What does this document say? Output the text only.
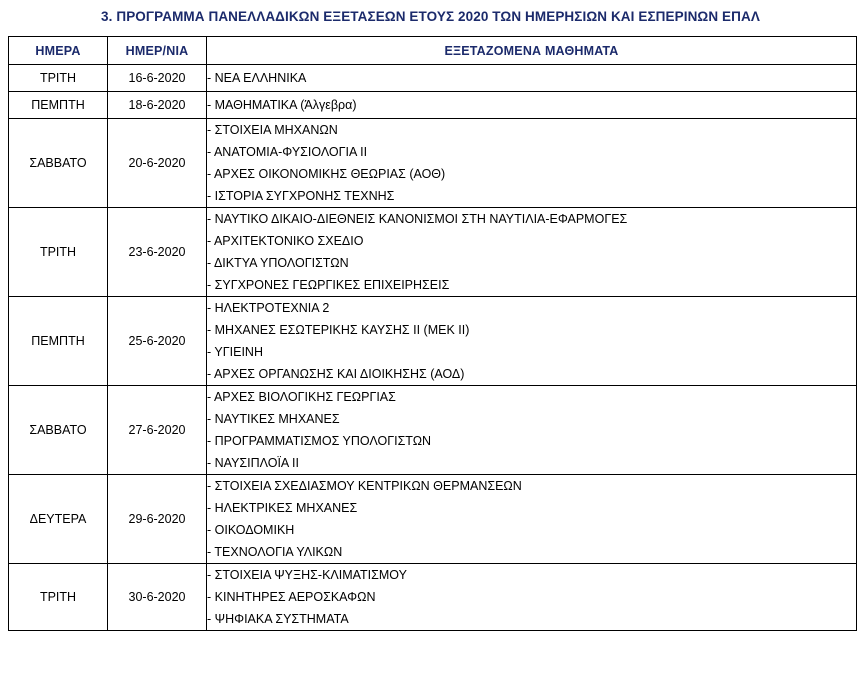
3. ΠΡΟΓΡΑΜΜΑ ΠΑΝΕΛΛΑΔΙΚΩΝ ΕΞΕΤΑΣΕΩΝ ΕΤΟΥΣ 2020 ΤΩΝ ΗΜΕΡΗΣΙΩΝ ΚΑΙ ΕΣΠΕΡΙΝΩΝ ΕΠΑΛ
ΗΜΕΡΑ	ΗΜΕΡ/ΝΙΑ	ΕΞΕΤΑΖΟΜΕΝΑ ΜΑΘΗΜΑΤΑ
ΤΡΙΤΗ	16-6-2020	
-ΝΕΑ ΕΛΛΗΝΙΚΑ

ΠΕΜΠΤΗ	18-6-2020	
-ΜΑΘΗΜΑΤΙΚΑ (Άλγεβρα)

ΣΑΒΒΑΤΟ	20-6-2020	
- ΣΤΟΙΧΕΙΑ ΜΗΧΑΝΩΝ
- ΑΝΑΤΟΜΙΑ-ΦΥΣΙΟΛΟΓΙΑ ΙΙ
- ΑΡΧΕΣ ΟΙΚΟΝΟΜΙΚΗΣ ΘΕΩΡΙΑΣ (ΑΟΘ)
- ΙΣΤΟΡΙΑ ΣΥΓΧΡΟΝΗΣ ΤΕΧΝΗΣ

ΤΡΙΤΗ	23-6-2020	
- ΝΑΥΤΙΚΟ ΔΙΚΑΙΟ-ΔΙΕΘΝΕΙΣ ΚΑΝΟΝΙΣΜΟΙ ΣΤΗ ΝΑΥΤΙΛΙΑ-ΕΦΑΡΜΟΓΕΣ
- ΑΡΧΙΤΕΚΤΟΝΙΚΟ ΣΧΕΔΙΟ
- ΔΙΚΤΥΑ ΥΠΟΛΟΓΙΣΤΩΝ
- ΣΥΓΧΡΟΝΕΣ ΓΕΩΡΓΙΚΕΣ ΕΠΙΧΕΙΡΗΣΕΙΣ

ΠΕΜΠΤΗ	25-6-2020	
- ΗΛΕΚΤΡΟΤΕΧΝΙΑ 2
- ΜΗΧΑΝΕΣ ΕΣΩΤΕΡΙΚΗΣ ΚΑΥΣΗΣ ΙΙ (ΜΕΚ ΙΙ)
- ΥΓΙΕΙΝΗ
- ΑΡΧΕΣ ΟΡΓΑΝΩΣΗΣ ΚΑΙ ΔΙΟΙΚΗΣΗΣ (ΑΟΔ)

ΣΑΒΒΑΤΟ	27-6-2020	
- ΑΡΧΕΣ ΒΙΟΛΟΓΙΚΗΣ ΓΕΩΡΓΙΑΣ
- ΝΑΥΤΙΚΕΣ ΜΗΧΑΝΕΣ
- ΠΡΟΓΡΑΜΜΑΤΙΣΜΟΣ ΥΠΟΛΟΓΙΣΤΩΝ
- ΝΑΥΣΙΠΛΟΪΑ ΙΙ

ΔΕΥΤΕΡΑ	29-6-2020	
- ΣΤΟΙΧΕΙΑ ΣΧΕΔΙΑΣΜΟΥ ΚΕΝΤΡΙΚΩΝ ΘΕΡΜΑΝΣΕΩΝ
- ΗΛΕΚΤΡΙΚΕΣ ΜΗΧΑΝΕΣ
- ΟΙΚΟΔΟΜΙΚΗ
- ΤΕΧΝΟΛΟΓΙΑ ΥΛΙΚΩΝ

ΤΡΙΤΗ	30-6-2020	
- ΣΤΟΙΧΕΙΑ ΨΥΞΗΣ-ΚΛΙΜΑΤΙΣΜΟΥ
- ΚΙΝΗΤΗΡΕΣ ΑΕΡΟΣΚΑΦΩΝ
- ΨΗΦΙΑΚΑ ΣΥΣΤΗΜΑΤΑ
